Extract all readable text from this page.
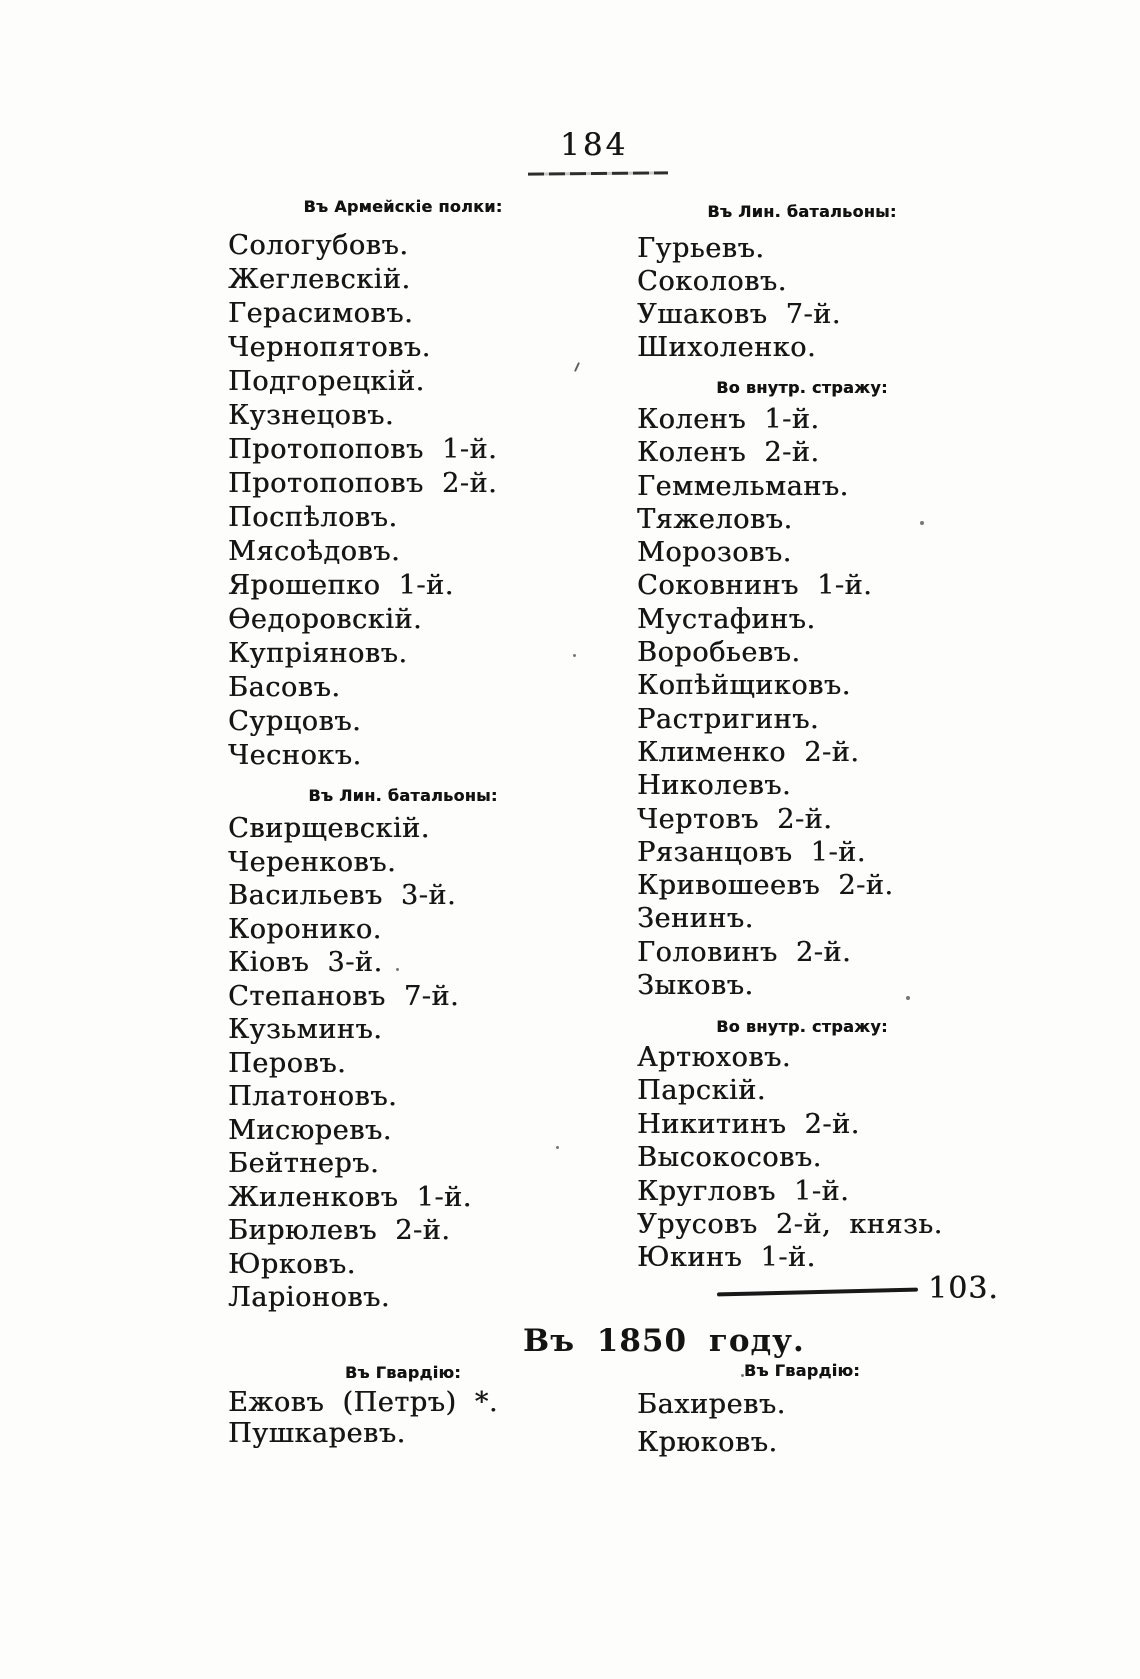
184
Въ Армейскіе полки:
Сологубовъ.
Жеглевскій.
Герасимовъ.
Чернопятовъ.
Подгорецкій.
Кузнецовъ.
Протопоповъ 1-й.
Протопоповъ 2-й.
Поспѣловъ.
Мясоѣдовъ.
Ярошепко 1-й.
Ѳедоровскій.
Купріяновъ.
Басовъ.
Сурцовъ.
Чеснокъ.
Въ Лин. батальоны:
Свирщевскій.
Черенковъ.
Васильевъ 3-й.
Коронико.
Кіовъ 3-й.
Степановъ 7-й.
Кузьминъ.
Перовъ.
Платоновъ.
Мисюревъ.
Бейтнеръ.
Жиленковъ 1-й.
Бирюлевъ 2-й.
Юрковъ.
Ларіоновъ.
Въ Гвардію:
Ежовъ (Петръ) *.
Пушкаревъ.
Въ Лин. батальоны:
Гурьевъ.
Соколовъ.
Ушаковъ 7-й.
Шихоленко.
Во внутр. стражу:
Коленъ 1-й.
Коленъ 2-й.
Геммельманъ.
Тяжеловъ.
Морозовъ.
Соковнинъ 1-й.
Мустафинъ.
Воробьевъ.
Копѣйщиковъ.
Растригинъ.
Клименко 2-й.
Николевъ.
Чертовъ 2-й.
Рязанцовъ 1-й.
Кривошеевъ 2-й.
Зенинъ.
Головинъ 2-й.
Зыковъ.
Во внутр. стражу:
Артюховъ.
Парскій.
Никитинъ 2-й.
Высокосовъ.
Кругловъ 1-й.
Урусовъ 2-й, князь.
Юкинъ 1-й.
103.
Въ 1850 году.
Въ Гвардію:
Бахиревъ.
Крюковъ.
